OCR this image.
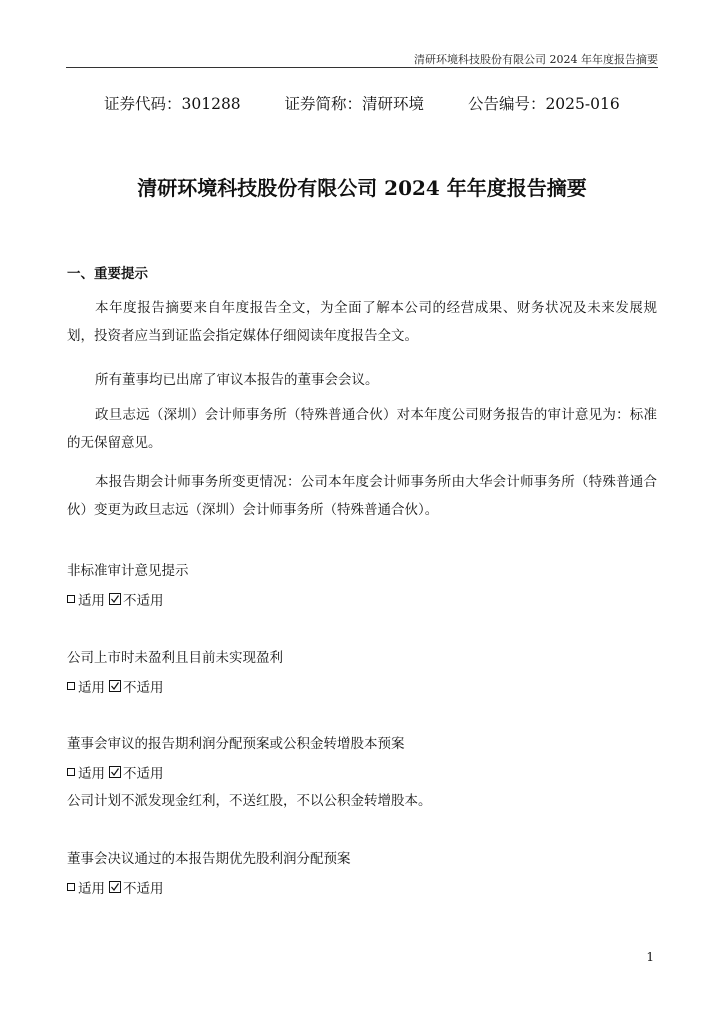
清研环境科技股份有限公司 2024 年年度报告摘要
证券代码：301288	证券简称：清研环境	公告编号：2025-016
清研环境科技股份有限公司 2024 年年度报告摘要
一、重要提示
本年度报告摘要来自年度报告全文，为全面了解本公司的经营成果、财务状况及未来发展规划，投资者应当到证监会指定媒体仔细阅读年度报告全文。
所有董事均已出席了审议本报告的董事会会议。
政旦志远（深圳）会计师事务所（特殊普通合伙）对本年度公司财务报告的审计意见为：标准的无保留意见。
本报告期会计师事务所变更情况：公司本年度会计师事务所由大华会计师事务所（特殊普通合伙）变更为政旦志远（深圳）会计师事务所（特殊普通合伙）。
非标准审计意见提示
适用 不适用
公司上市时未盈利且目前未实现盈利
适用 不适用
董事会审议的报告期利润分配预案或公积金转增股本预案
适用 不适用
公司计划不派发现金红利，不送红股，不以公积金转增股本。
董事会决议通过的本报告期优先股利润分配预案
适用 不适用
1
